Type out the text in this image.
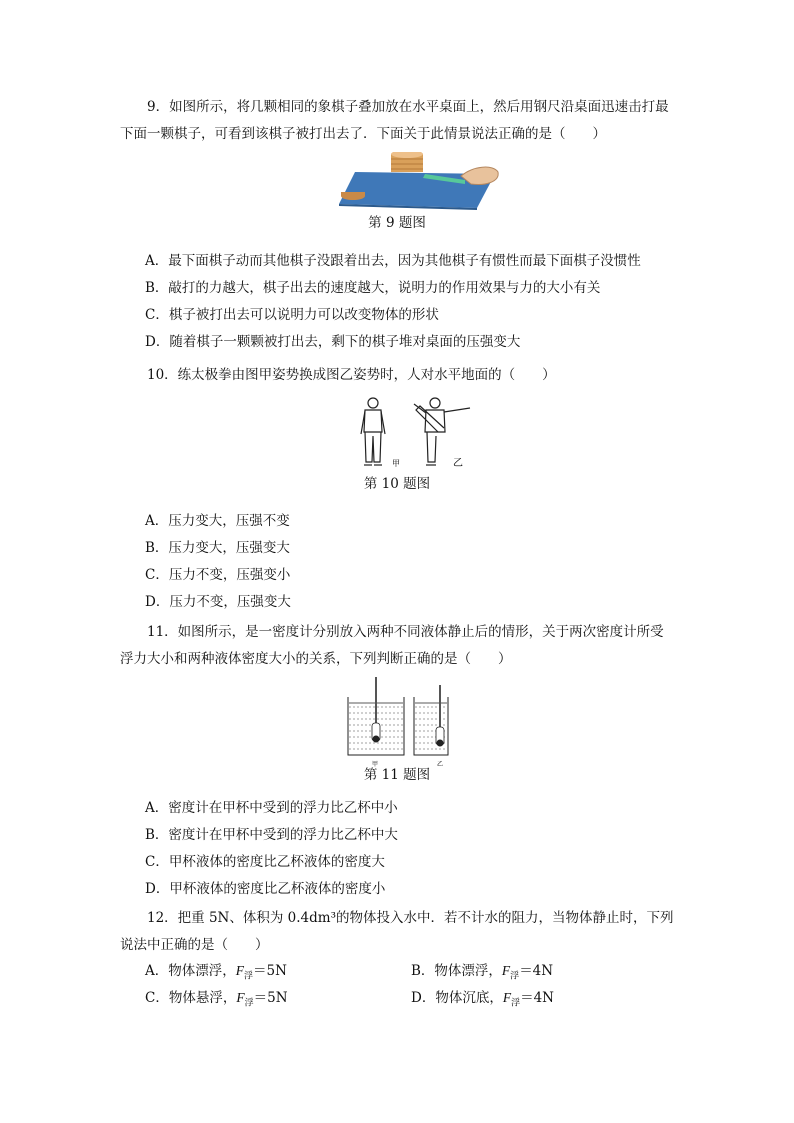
9．如图所示，将几颗相同的象棋子叠加放在水平桌面上，然后用钢尺沿桌面迅速击打最下面一颗棋子，可看到该棋子被打出去了．下面关于此情景说法正确的是（　　）

第 9 题图
A．最下面棋子动而其他棋子没跟着出去，因为其他棋子有惯性而最下面棋子没惯性
B．敲打的力越大，棋子出去的速度越大，说明力的作用效果与力的大小有关
C．棋子被打出去可以说明力可以改变物体的形状
D．随着棋子一颗颗被打出去，剩下的棋子堆对桌面的压强变大

10．练太极拳由图甲姿势换成图乙姿势时，人对水平地面的（　　）

甲	乙
第 10 题图
A．压力变大，压强不变
B．压力变大，压强变大
C．压力不变，压强变小
D．压力不变，压强变大

11．如图所示，是一密度计分别放入两种不同液体静止后的情形，关于两次密度计所受浮力大小和两种液体密度大小的关系，下列判断正确的是（　　）

甲	乙
第 11 题图
A．密度计在甲杯中受到的浮力比乙杯中小
B．密度计在甲杯中受到的浮力比乙杯中大
C．甲杯液体的密度比乙杯液体的密度大
D．甲杯液体的密度比乙杯液体的密度小

12．把重 5N、体积为 0.4dm³的物体投入水中．若不计水的阻力，当物体静止时，下列说法中正确的是（　　）

A．物体漂浮，$F_浮=5N$	B．物体漂浮，$F_浮=4N$
C．物体悬浮，$F_浮=5N$	D．物体沉底，$F_浮=4N$
